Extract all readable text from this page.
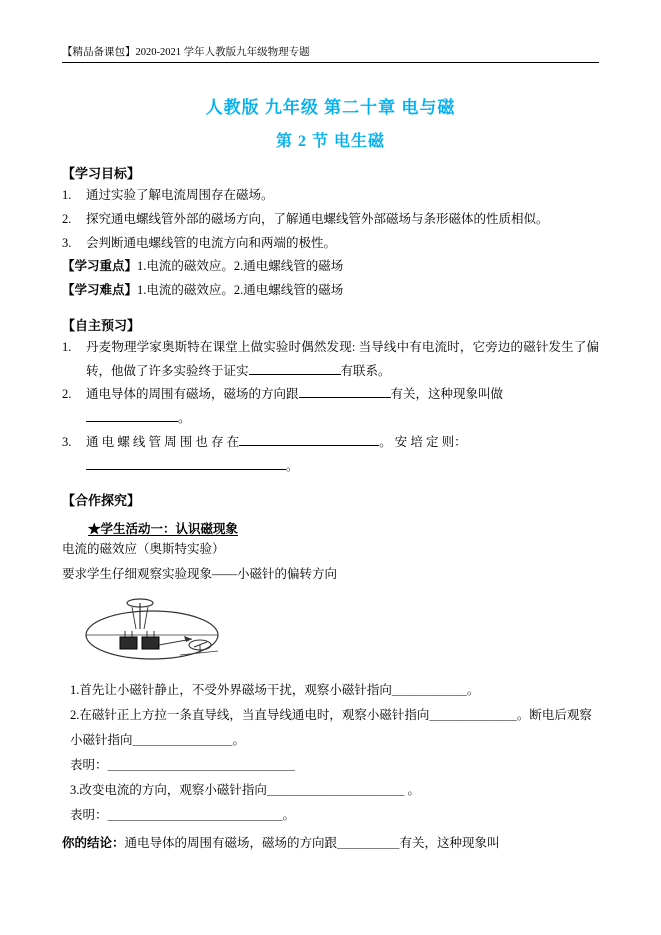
【精品备课包】2020-2021 学年人教版九年级物理专题
人教版 九年级 第二十章 电与磁
第 2 节 电生磁
【学习目标】
1.	通过实验了解电流周围存在磁场。
2.	探究通电螺线管外部的磁场方向，了解通电螺线管外部磁场与条形磁体的性质相似。
3.	会判断通电螺线管的电流方向和两端的极性。
【学习重点】1.电流的磁效应。2.通电螺线管的磁场
【学习难点】1.电流的磁效应。2.通电螺线管的磁场
【自主预习】
1.	丹麦物理学家奥斯特在课堂上做实验时偶然发现: 当导线中有电流时，它旁边的磁针发生了偏转，他做了许多实验终于证实	有联系。
2.	通电导体的周围有磁场，磁场的方向跟	有关，这种现象叫做
。
3.	通 电 螺 线 管 周 围 也 存 在	。 安 培 定 则：
。
【合作探究】
★学生活动一：认识磁现象
电流的磁效应（奥斯特实验）
要求学生仔细观察实验现象——小磁针的偏转方向
1.首先让小磁针静止，不受外界磁场干扰，观察小磁针指向＿＿＿＿＿＿。
2.在磁针正上方拉一条直导线，当直导线通电时，观察小磁针指向＿＿＿＿＿＿＿。断电后观察小磁针指向＿＿＿＿＿＿＿＿。
表明：＿＿＿＿＿＿＿＿＿＿＿＿＿＿＿
3.改变电流的方向，观察小磁针指向＿＿＿＿＿＿＿＿＿＿＿ 。
表明：＿＿＿＿＿＿＿＿＿＿＿＿＿＿。
你的结论：通电导体的周围有磁场，磁场的方向跟＿＿＿＿＿有关，这种现象叫
